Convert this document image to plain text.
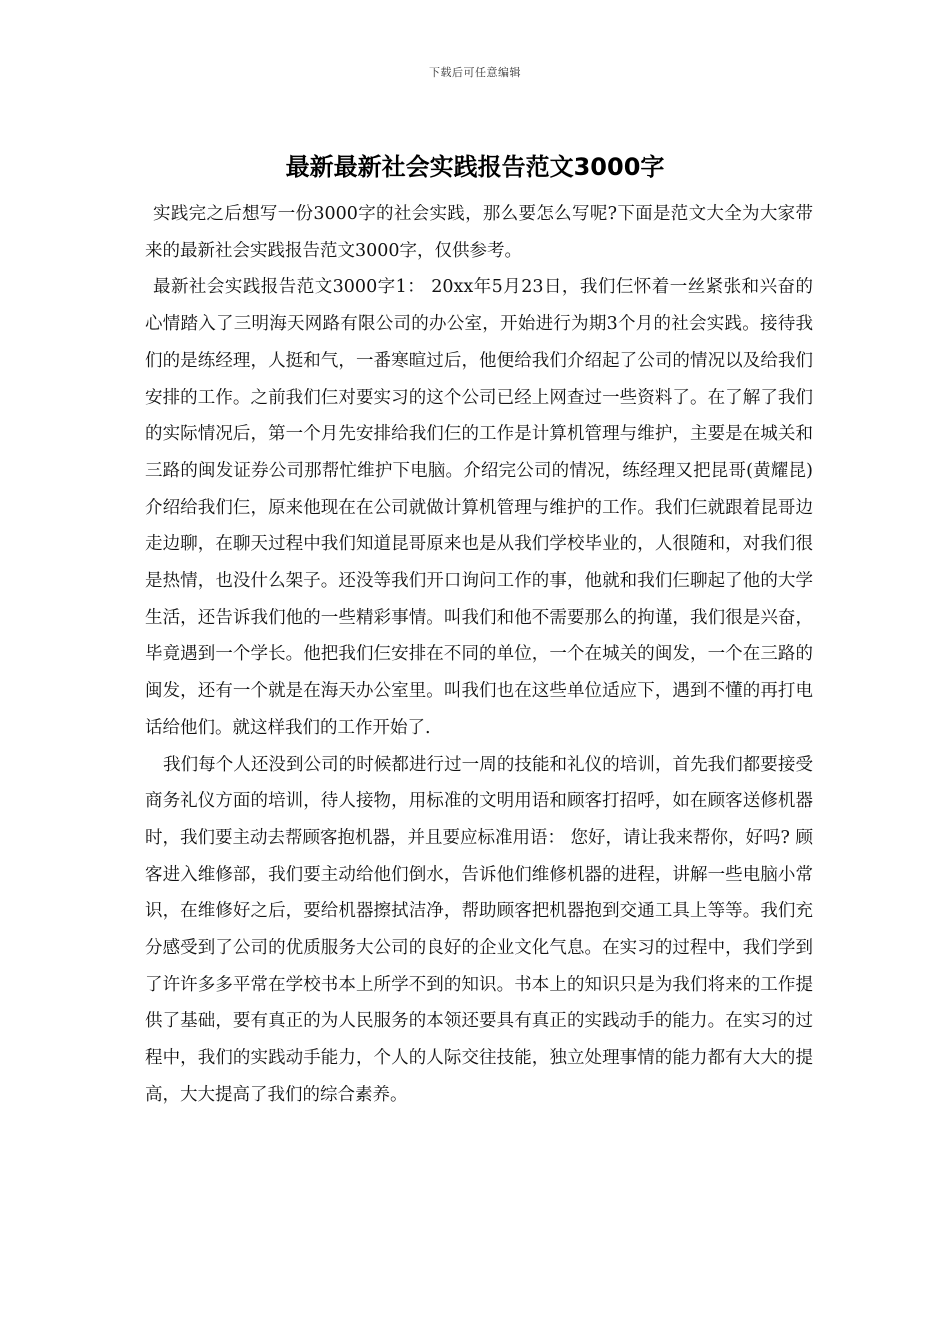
下载后可任意编辑
最新最新社会实践报告范文3000字

实践完之后想写一份3000字的社会实践，那么要怎么写呢?下面是范文大全为大家带来的最新社会实践报告范文3000字，仅供参考。

最新社会实践报告范文3000字1： 20xx年5月23日，我们仨怀着一丝紧张和兴奋的心情踏入了三明海天网路有限公司的办公室，开始进行为期3个月的社会实践。接待我们的是练经理，人挺和气，一番寒暄过后，他便给我们介绍起了公司的情况以及给我们安排的工作。之前我们仨对要实习的这个公司已经上网查过一些资料了。在了解了我们的实际情况后，第一个月先安排给我们仨的工作是计算机管理与维护，主要是在城关和三路的闽发证券公司那帮忙维护下电脑。介绍完公司的情况，练经理又把昆哥(黄耀昆)介绍给我们仨，原来他现在在公司就做计算机管理与维护的工作。我们仨就跟着昆哥边走边聊，在聊天过程中我们知道昆哥原来也是从我们学校毕业的，人很随和，对我们很是热情，也没什么架子。还没等我们开口询问工作的事，他就和我们仨聊起了他的大学生活，还告诉我们他的一些精彩事情。叫我们和他不需要那么的拘谨，我们很是兴奋，毕竟遇到一个学长。他把我们仨安排在不同的单位，一个在城关的闽发，一个在三路的闽发，还有一个就是在海天办公室里。叫我们也在这些单位适应下，遇到不懂的再打电话给他们。就这样我们的工作开始了.

我们每个人还没到公司的时候都进行过一周的技能和礼仪的培训，首先我们都要接受商务礼仪方面的培训，待人接物，用标准的文明用语和顾客打招呼，如在顾客送修机器时，我们要主动去帮顾客抱机器，并且要应标准用语： 您好，请让我来帮你，好吗? 顾客进入维修部，我们要主动给他们倒水，告诉他们维修机器的进程，讲解一些电脑小常识，在维修好之后，要给机器擦拭洁净，帮助顾客把机器抱到交通工具上等等。我们充分感受到了公司的优质服务大公司的良好的企业文化气息。在实习的过程中，我们学到了许许多多平常在学校书本上所学不到的知识。书本上的知识只是为我们将来的工作提供了基础，要有真正的为人民服务的本领还要具有真正的实践动手的能力。在实习的过程中，我们的实践动手能力，个人的人际交往技能，独立处理事情的能力都有大大的提高，大大提高了我们的综合素养。
